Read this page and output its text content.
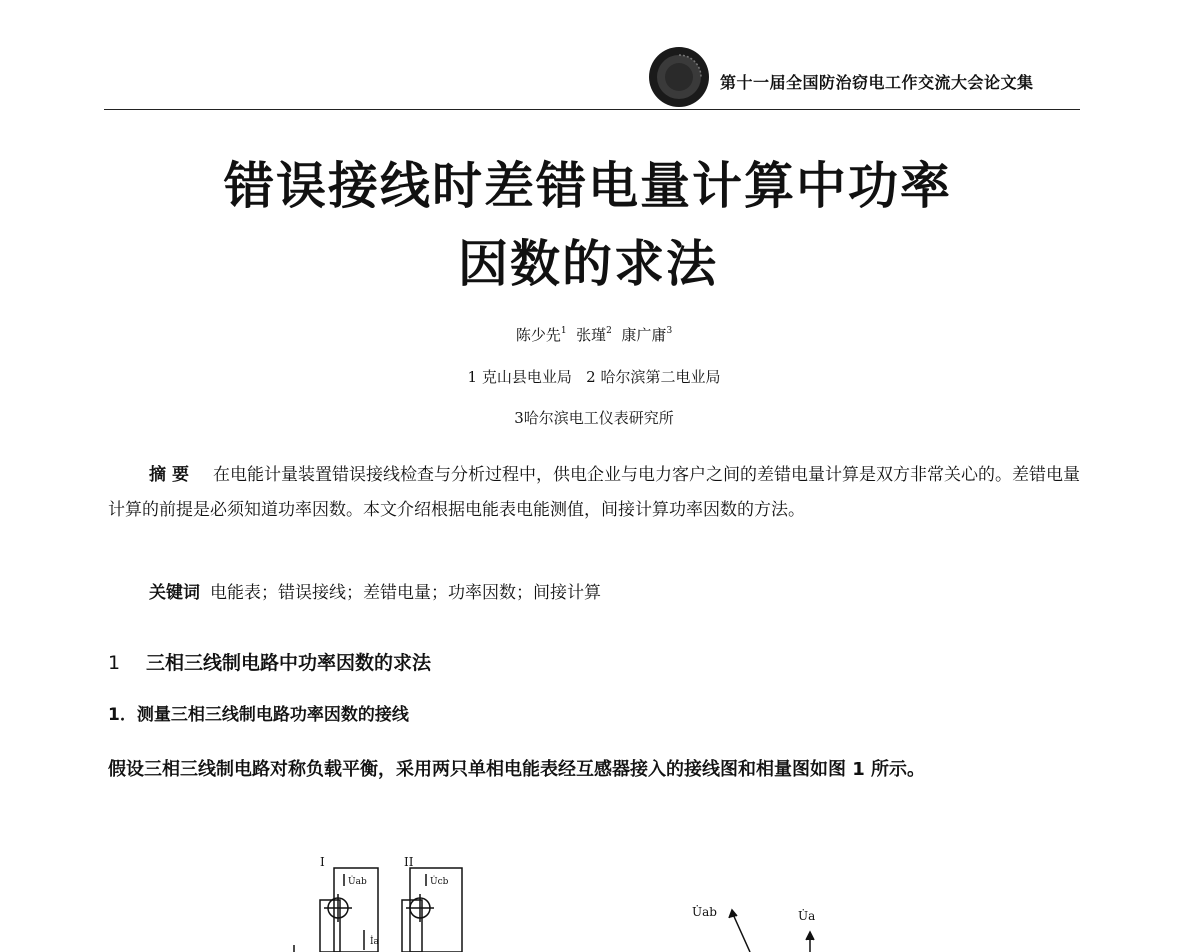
第十一届全国防治窃电工作交流大会论文集
错误接线时差错电量计算中功率
因数的求法
陈少先$^1$ 张瑾$^2$ 康广庸$^3$
1 克山县电业局 2 哈尔滨第二电业局
3哈尔滨电工仪表研究所
摘要 在电能计量装置错误接线检查与分析过程中，供电企业与电力客户之间的差错电量计算是双方非常关心的。差错电量计算的前提是必须知道功率因数。本文介绍根据电能表电能测值，间接计算功率因数的方法。
关键词 电能表；错误接线；差错电量；功率因数；间接计算
1 三相三线制电路中功率因数的求法
1．测量三相三线制电路功率因数的接线
假设三相三线制电路对称负载平衡，采用两只单相电能表经互感器接入的接线图和相量图如图 1 所示。
I	II
U̇ab	U̇cb
İa
U̇ab	U̇a
